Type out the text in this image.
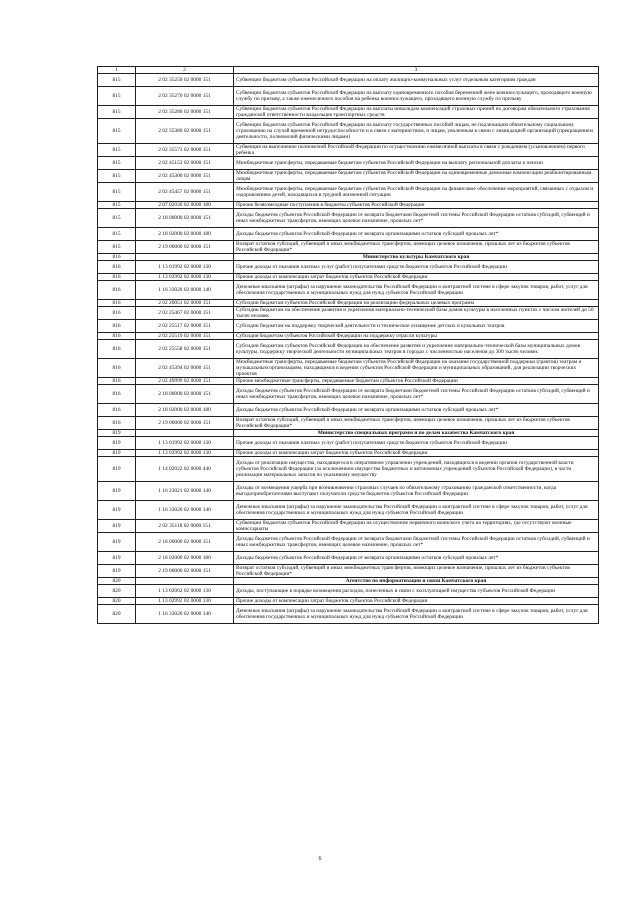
1	2	3
815	2 02 35250 02 0000 151	Субвенции бюджетам субъектов Российской Федерации на оплату жилищно-коммунальных услуг отдельным категориям граждан
815	2 02 35270 02 0000 151	Субвенции бюджетам субъектов Российской Федерации на выплату единовременного пособия беременной жене военнослужащего, проходящего военную службу по призыву, а также ежемесячного пособия на ребенка военнослужащего, проходящего военную службу по призыву
815	2 02 35280 02 0000 151	Субвенции бюджетам субъектов Российской Федерации на выплаты инвалидам компенсаций страховых премий по договорам обязательного страхования гражданской ответственности владельцев транспортных средств
815	2 02 35380 02 0000 151	Субвенции бюджетам субъектов Российской Федерации на выплату государственных пособий лицам, не подлежащим обязательному социальному страхованию на случай временной нетрудоспособности и в связи с материнством, и лицам, уволенным в связи с ликвидацией организаций (прекращением деятельности, полномочий физическими лицами)
815	2 02 35573 02 0000 151	Субвенция на выполнение полномочий Российской Федерации по осуществлению ежемесячной выплаты в связи с рождением (усыновлением) первого ребенка
815	2 02 45153 02 0000 151	Межбюджетные трансферты, передаваемые бюджетам субъектов Российской Федерации на выплату региональной доплаты к пенсии
815	2 02 45300 02 0000 151	Межбюджетные трансферты, передаваемые бюджетам субъектов Российской Федерации на единовременные денежные компенсации реабилитированным лицам
815	2 02 45457 02 0000 151	Межбюджетные трансферты, передаваемые бюджетам субъектов Российской Федерации на финансовое обеспечение мероприятий, связанных с отдыхом и оздоровлением детей, находящихся в трудной жизненной ситуации
815	2 07 02030 02 0000 180	Прочие безвозмездные поступления в бюджеты субъектов Российской Федерации
815	2 18 00000 02 0000 151	Доходы бюджетов субъектов Российской Федерации от возврата бюджетами бюджетной системы Российской Федерации остатков субсидий, субвенций и иных межбюджетных трансфертов, имеющих целевое назначение, прошлых лет*
815	2 18 02000 02 0000 180	Доходы бюджетов субъектов Российской Федерации от возврата организациями остатков субсидий прошлых лет*
815	2 19 00000 02 0000 151	Возврат остатков субсидий, субвенций и иных межбюджетных трансфертов, имеющих целевое назначение, прошлых лет из бюджетов субъектов Российской Федерации*
816		Министерство культуры Камчатского края
816	1 13 01992 02 0000 130	Прочие доходы от оказания платных услуг (работ) получателями средств бюджетов субъектов Российской Федерации
816	1 13 02992 02 0000 130	Прочие доходы от компенсации затрат бюджетов субъектов Российской Федерации
816	1 16 33020 02 0000 140	Денежные взыскания (штрафы) за нарушение законодательства Российской Федерации о контрактной системе в сфере закупок товаров, работ, услуг для обеспечения государственных и муниципальных нужд для нужд субъектов Российской Федерации
816	2 02 20051 02 0000 151	Субсидии бюджетам субъектов Российской Федерации на реализацию федеральных целевых программ
816	2 02 25467 02 0000 151	Субсидии бюджетам на обеспечение развития и укрепления материально-технической базы домов культуры в населенных пунктах с числом жителей до 50 тысяч человек
816	2 02 25517 02 0000 151	Субсидии бюджетам на поддержку творческой деятельности и техническое оснащение детских и кукольных театров
816	2 02 25519 02 0000 151	Субсидия бюджетам субъектов Российской Федерации на поддержку отрасли культуры
816	2 02 25558 02 0000 151	Субсидии бюджетам субъектов Российской Федерации на обеспечение развития и укрепление материально-технической базы муниципальных домов культуры, поддержку творческой деятельности муниципальных театров в городах с численностью населения до 300 тысяч человек
816	2 02 45394 02 0000 151	Межбюджетные трансферты, передаваемые бюджетам субъектов Российской Федерации на оказание государственной поддержки (грантов) театрам и музыкальным организациям, находящимся в ведении субъектов Российской Федерации и муниципальных образований, для реализации творческих проектов
816	2 02 49999 02 0000 151	Прочие межбюджетные трансферты, передаваемые бюджетам субъектов Российской Федерации
816	2 18 00000 02 0000 151	Доходы бюджетов субъектов Российской Федерации от возврата бюджетами бюджетной системы Российской Федерации остатков субсидий, субвенций и иных межбюджетных трансфертов, имеющих целевое назначение, прошлых лет*
816	2 18 02000 02 0000 180	Доходы бюджетов субъектов Российской Федерации от возврата организациями остатков субсидий прошлых лет*
816	2 19 00000 02 0000 151	Возврат остатков субсидий, субвенций и иных межбюджетных трансфертов, имеющих целевое назначение, прошлых лет из бюджетов субъектов Российской Федерации*
819		Министерство специальных программ и по делам казачества Камчатского края
819	1 13 01992 02 0000 130	Прочие доходы от оказания платных услуг (работ) получателями средств бюджетов субъектов Российской Федерации
819	1 13 02992 02 0000 130	Прочие доходы от компенсации затрат бюджетов субъектов Российской Федерации
819	1 14 02022 02 0000 440	Доходы от реализации имущества, находящегося в оперативном управлении учреждений, находящихся в ведении органов государственной власти субъектов Российской Федерации (за исключением имущества бюджетных и автономных учреждений субъектов Российской Федерации), в части реализации материальных запасов по указанному имуществу
819	1 16 23021 02 0000 140	Доходы от возмещения ущерба при возникновении страховых случаев по обязательному страхованию гражданской ответственности, когда выгодоприобретателями выступают получатели средств бюджетов субъектов Российской Федерации
819	1 16 33020 02 0000 140	Денежные взыскания (штрафы) за нарушение законодательства Российской Федерации о контрактной системе в сфере закупок товаров, работ, услуг для обеспечения государственных и муниципальных нужд для нужд субъектов Российской Федерации
819	2 02 35118 02 0000 151	Субвенции бюджетам субъектов Российской Федерации на осуществление первичного воинского учета на территориях, где отсутствуют военные комиссариаты
819	2 18 00000 02 0000 151	Доходы бюджетов субъектов Российской Федерации от возврата бюджетами бюджетной системы Российской Федерации остатков субсидий, субвенций и иных межбюджетных трансфертов, имеющих целевое назначение, прошлых лет*
819	2 18 02000 02 0000 180	Доходы бюджетов субъектов Российской Федерации от возврата организациями остатков субсидий прошлых лет*
819	2 19 00000 02 0000 151	Возврат остатков субсидий, субвенций и иных межбюджетных трансфертов, имеющих целевое назначение, прошлых лет из бюджетов субъектов Российской Федерации*
820		Агентство по информатизации и связи Камчатского края
820	1 13 02062 02 0000 130	Доходы, поступающие в порядке возмещения расходов, понесенных в связи с эксплуатацией имущества субъектов Российской Федерации
820	1 13 02992 02 0000 130	Прочие доходы от компенсации затрат бюджетов субъектов Российской Федерации
820	1 16 33020 02 0000 140	Денежные взыскания (штрафы) за нарушение законодательства Российской Федерации о контрактной системе в сфере закупок товаров, работ, услуг для обеспечения государственных и муниципальных нужд для нужд субъектов Российской Федерации
6
